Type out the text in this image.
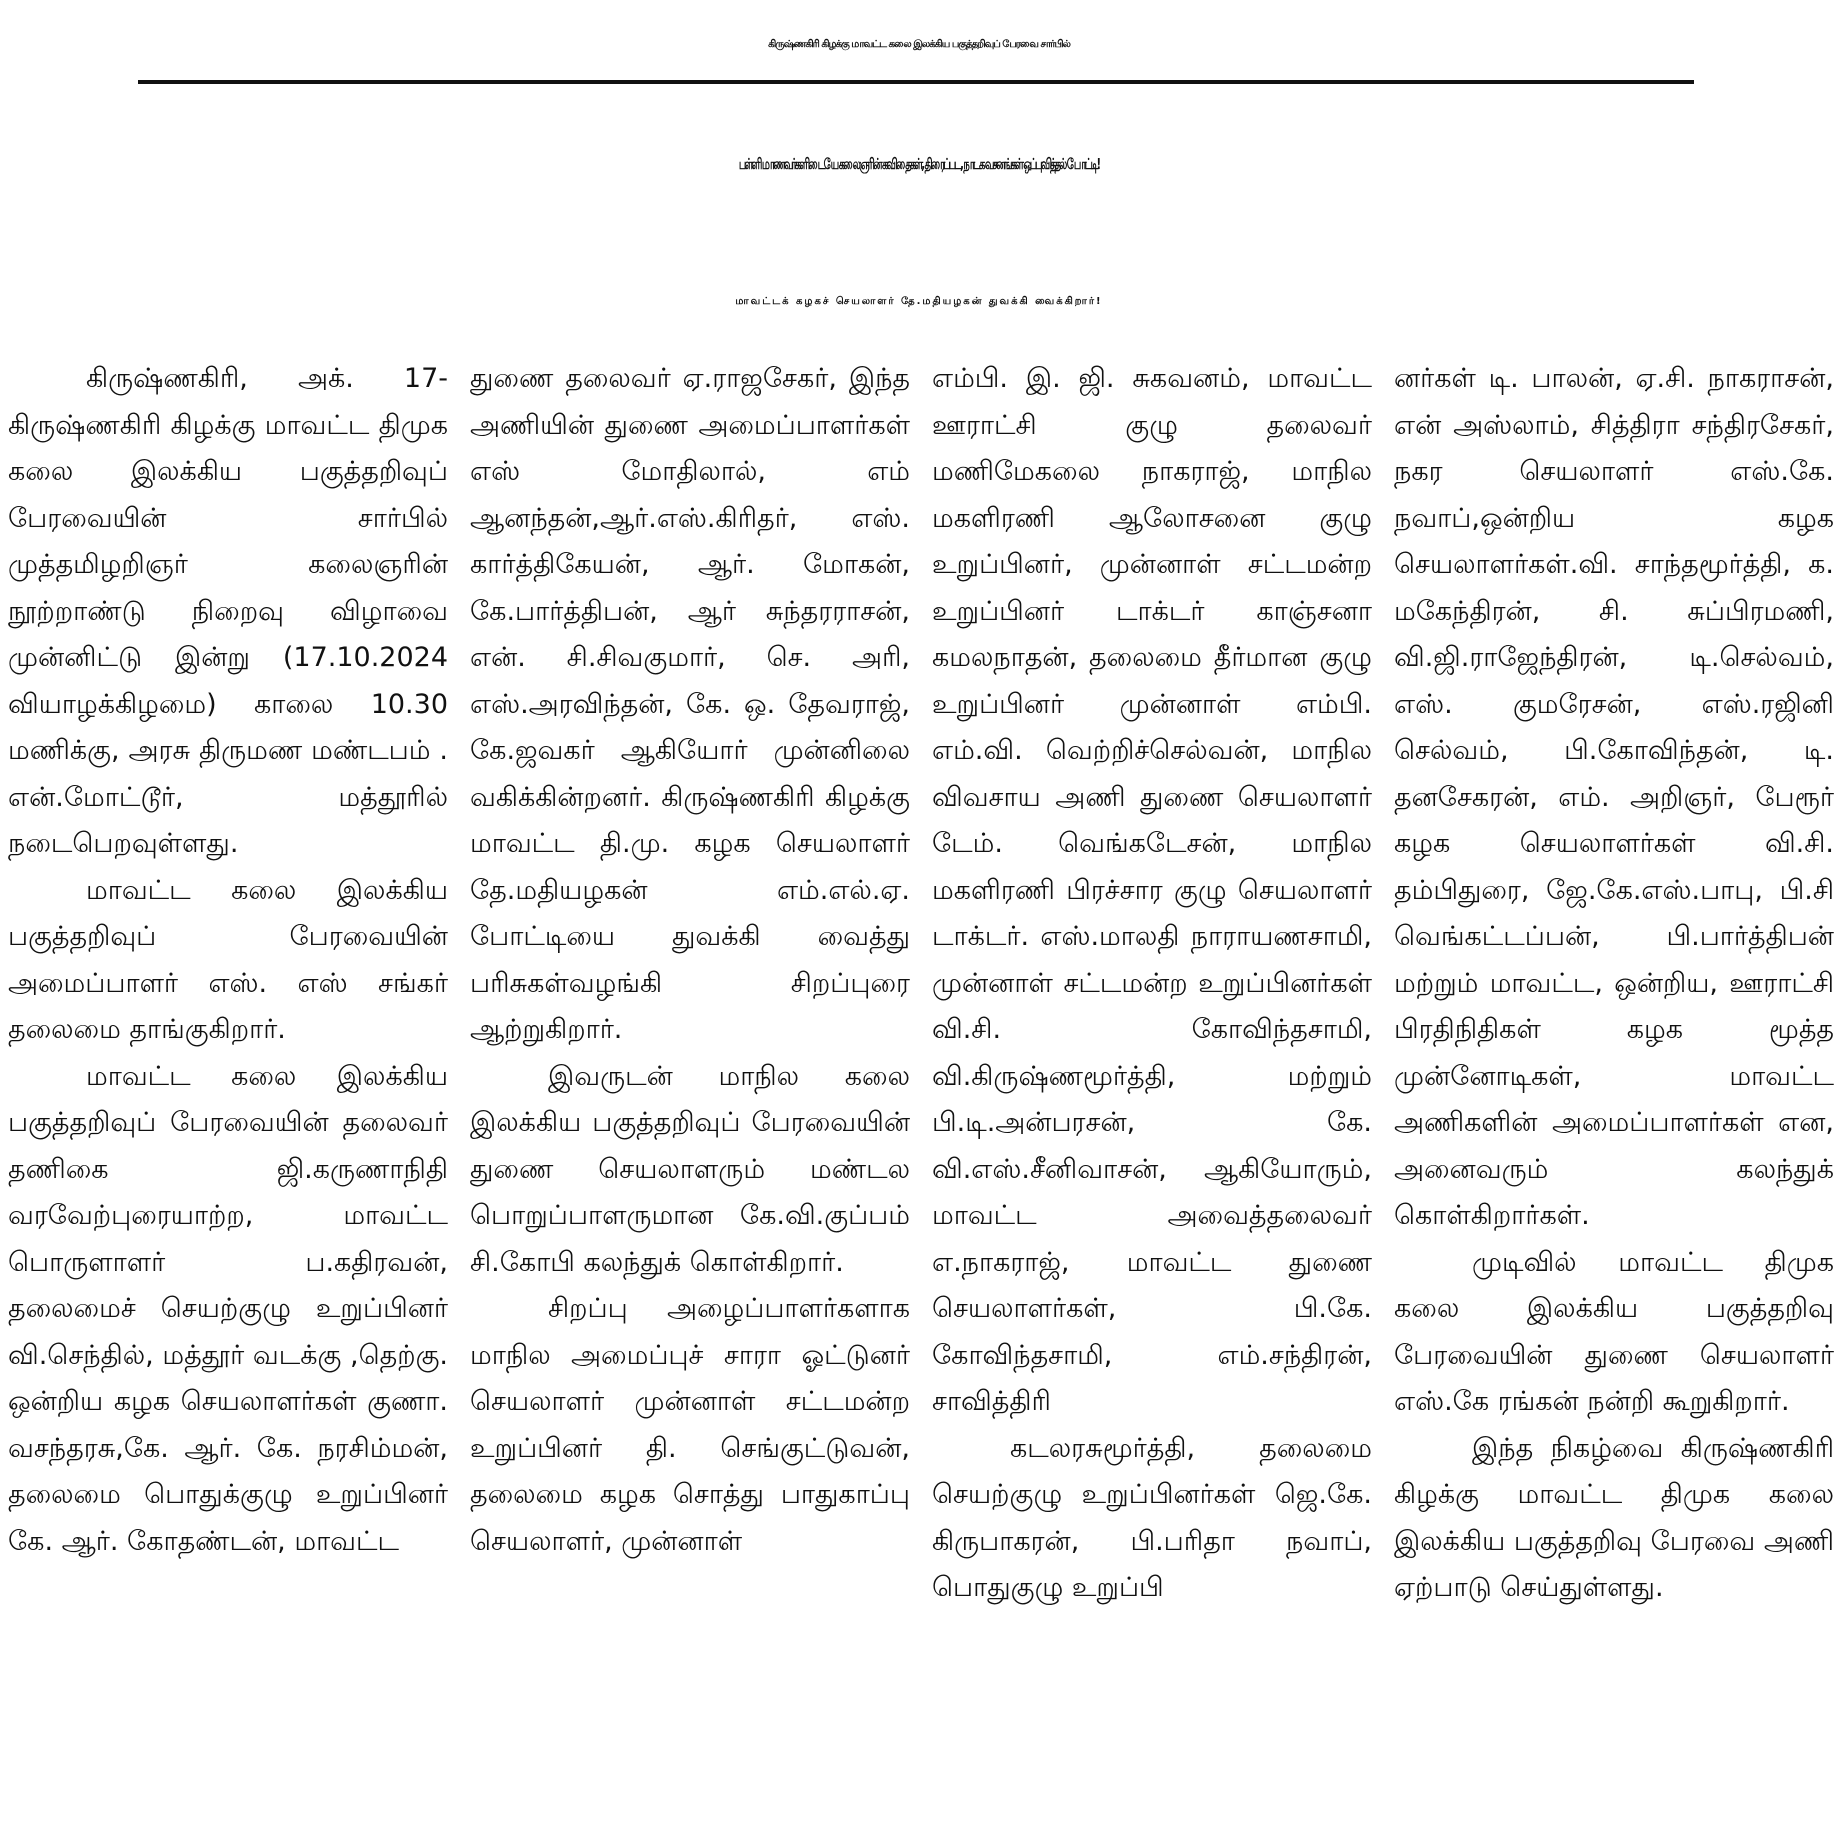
கிருஷ்ணகிரி கிழக்கு மாவட்ட கலை இலக்கிய பகுத்தறிவுப் பேரவை சார்பில்
பள்ளி மாணவர்களிடையே கலைஞரின் கவிதைகள், திரைப்பட, நாடக வசனங்கள் ஒப்புவித்தல் போட்டி!
மாவட்டக் கழகச் செயலாளர் தே.மதியழகன் துவக்கி வைக்கிறார்!

கிருஷ்ணகிரி, அக். 17- கிருஷ்ணகிரி கிழக்கு மாவட்ட திமுக கலை இலக்கிய பகுத்தறிவுப் பேரவையின் சார்பில் முத்தமிழறிஞர் கலைஞரின் நூற்றாண்டு நிறைவு விழாவை முன்னிட்டு இன்று (17.10.2024 வியாழக்கிழமை) காலை 10.30 மணிக்கு, அரசு திருமண மண்டபம் . என்.மோட்டூர், மத்தூரில் நடைபெறவுள்ளது.

மாவட்ட கலை இலக்கிய பகுத்தறிவுப் பேரவையின் அமைப்பாளர் எஸ். எஸ் சங்கர் தலைமை தாங்குகிறார்.

மாவட்ட கலை இலக்கிய பகுத்தறிவுப் பேரவையின் தலைவர் தணிகை ஜி.கருணாநிதி வரவேற்புரையாற்ற, மாவட்ட பொருளாளர் ப.கதிரவன், தலைமைச் செயற்குழு உறுப்பினர் வி.செந்தில், மத்தூர் வடக்கு ,தெற்கு. ஒன்றிய கழக செயலாளர்கள் குணா. வசந்தரசு,கே. ஆர். கே. நரசிம்மன், தலைமை பொதுக்குழு உறுப்பினர் கே. ஆர். கோதண்டன், மாவட்ட

துணை தலைவர் ஏ.ராஜசேகர், இந்த அணியின் துணை அமைப்பாளர்கள் எஸ் மோதிலால், எம் ஆனந்தன்,ஆர்.எஸ்.கிரிதர், எஸ். கார்த்திகேயன், ஆர். மோகன், கே.பார்த்திபன், ஆர் சுந்தரராசன், என். சி.சிவகுமார், செ. அரி, எஸ்.அரவிந்தன், கே. ஒ. தேவராஜ், கே.ஜவகர் ஆகியோர் முன்னிலை வகிக்கின்றனர். கிருஷ்ணகிரி கிழக்கு மாவட்ட தி.மு. கழக செயலாளர் தே.மதியழகன் எம்.எல்.ஏ. போட்டியை துவக்கி வைத்து பரிசுகள்வழங்கி சிறப்புரை ஆற்றுகிறார்.

இவருடன் மாநில கலை இலக்கிய பகுத்தறிவுப் பேரவையின் துணை செயலாளரும் மண்டல பொறுப்பாளருமான கே.வி.குப்பம் சி.கோபி கலந்துக் கொள்கிறார்.

சிறப்பு அழைப்பாளர்களாக மாநில அமைப்புச் சாரா ஓட்டுனர் செயலாளர் முன்னாள் சட்டமன்ற உறுப்பினர் தி. செங்குட்டுவன், தலைமை கழக சொத்து பாதுகாப்பு செயலாளர், முன்னாள்

எம்பி. இ. ஜி. சுகவனம், மாவட்ட ஊராட்சி குழு தலைவர் மணிமேகலை நாகராஜ், மாநில மகளிரணி ஆலோசனை குழு உறுப்பினர், முன்னாள் சட்டமன்ற உறுப்பினர் டாக்டர் காஞ்சனா கமலநாதன், தலைமை தீர்மான குழு உறுப்பினர் முன்னாள் எம்பி. எம்.வி. வெற்றிச்செல்வன், மாநில விவசாய அணி துணை செயலாளர் டேம். வெங்கடேசன், மாநில மகளிரணி பிரச்சார குழு செயலாளர் டாக்டர். எஸ்.மாலதி நாராயணசாமி, முன்னாள் சட்டமன்ற உறுப்பினர்கள் வி.சி. கோவிந்தசாமி, வி.கிருஷ்ணமூர்த்தி, மற்றும் பி.டி.அன்பரசன், கே. வி.எஸ்.சீனிவாசன், ஆகியோரும், மாவட்ட அவைத்தலைவர் எ.நாகராஜ், மாவட்ட துணை செயலாளர்கள், பி.கே. கோவிந்தசாமி, எம்.சந்திரன், சாவித்திரி

கடலரசுமூர்த்தி, தலைமை செயற்குழு உறுப்பினர்கள் ஜெ.கே. கிருபாகரன், பி.பரிதா நவாப், பொதுகுழு உறுப்பி

னர்கள் டி. பாலன், ஏ.சி. நாகராசன், என் அஸ்லாம், சித்திரா சந்திரசேகர், நகர செயலாளர் எஸ்.கே. நவாப்,ஒன்றிய கழக செயலாளர்கள்.வி. சாந்தமூர்த்தி, க. மகேந்திரன், சி. சுப்பிரமணி, வி.ஜி.ராஜேந்திரன், டி.செல்வம், எஸ். குமரேசன், எஸ்.ரஜினி செல்வம், பி.கோவிந்தன், டி. தனசேகரன், எம். அறிஞர், பேரூர் கழக செயலாளர்கள் வி.சி. தம்பிதுரை, ஜே.கே.எஸ்.பாபு, பி.சி வெங்கட்டப்பன், பி.பார்த்திபன் மற்றும் மாவட்ட, ஒன்றிய, ஊராட்சி பிரதிநிதிகள் கழக மூத்த முன்னோடிகள், மாவட்ட அணிகளின் அமைப்பாளர்கள் என, அனைவரும் கலந்துக் கொள்கிறார்கள்.

முடிவில் மாவட்ட திமுக கலை இலக்கிய பகுத்தறிவு பேரவையின் துணை செயலாளர் எஸ்.கே ரங்கன் நன்றி கூறுகிறார்.

இந்த நிகழ்வை கிருஷ்ணகிரி கிழக்கு மாவட்ட திமுக கலை இலக்கிய பகுத்தறிவு பேரவை அணி ஏற்பாடு செய்துள்ளது.
